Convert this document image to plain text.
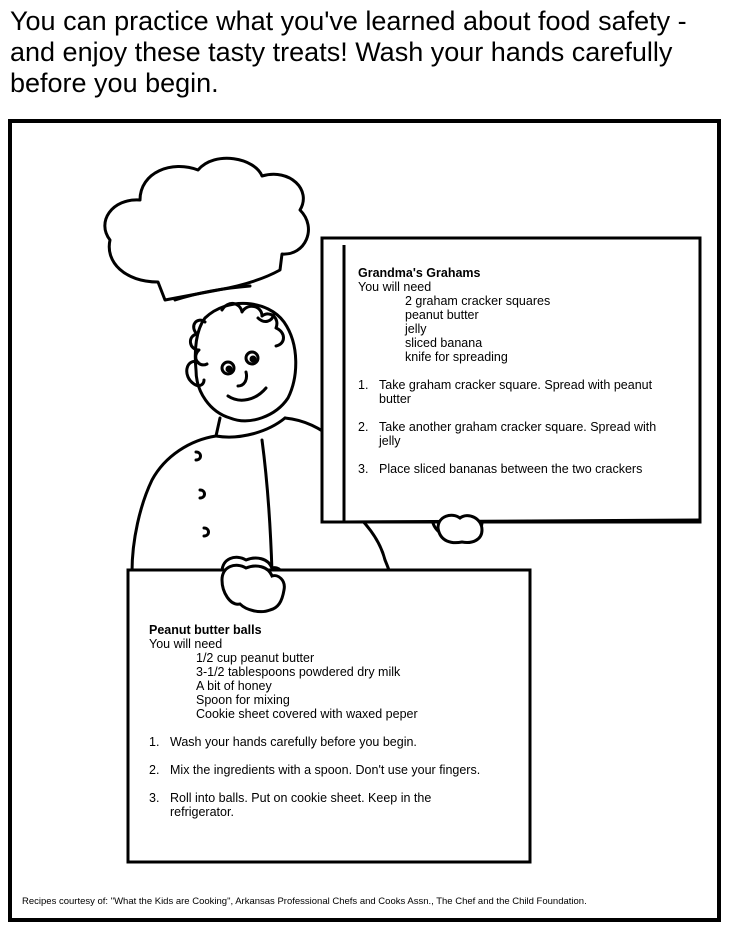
You can practice what you've learned about food safety - and enjoy these tasty treats! Wash your hands carefully before you begin.

Grandma's Grahams

You will need

2 graham cracker squares
peanut butter
jelly
sliced banana
knife for spreading
1. Take graham cracker square. Spread with peanut butter
2. Take another graham cracker square. Spread with jelly
3. Place sliced bananas between the two crackers
Peanut butter balls

You will need

1/2 cup peanut butter
3-1/2 tablespoons powdered dry milk
A bit of honey
Spoon for mixing
Cookie sheet covered with waxed peper
1. Wash your hands carefully before you begin.
2. Mix the ingredients with a spoon. Don't use your fingers.
3. Roll into balls. Put on cookie sheet. Keep in the refrigerator.
Recipes courtesy of: "What the Kids are Cooking", Arkansas Professional Chefs and Cooks Assn., The Chef and the Child Foundation.
